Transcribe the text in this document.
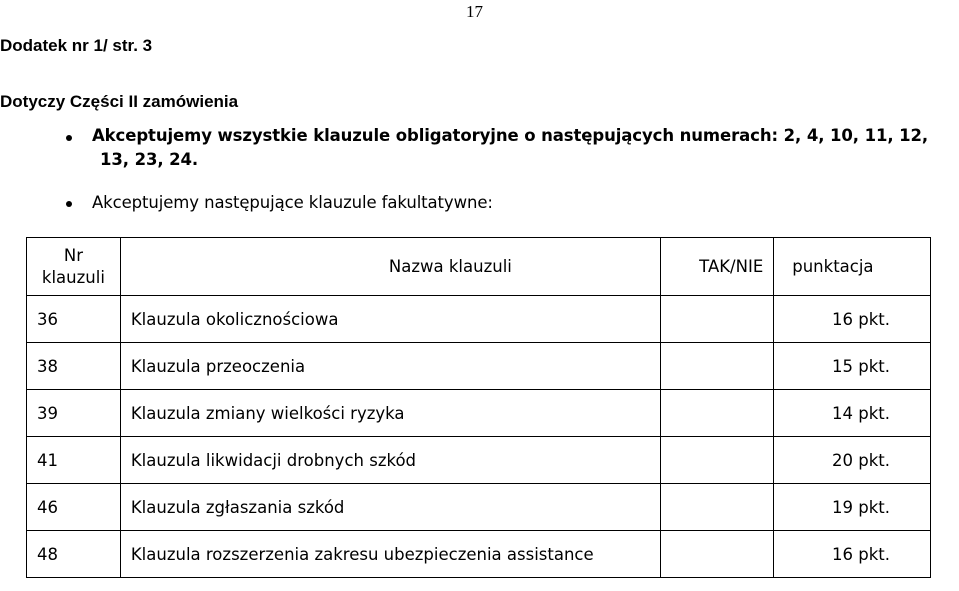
17
Dodatek nr 1/ str. 3
Dotyczy Części II zamówienia
Akceptujemy wszystkie klauzule obligatoryjne o następujących numerach: 2, 4, 10, 11, 12,
13, 23, 24.
Akceptujemy następujące klauzule fakultatywne:
Nr
klauzuli	Nazwa klauzuli	TAK/NIE	punktacja
36	Klauzula okolicznościowa		16 pkt.
38	Klauzula przeoczenia		15 pkt.
39	Klauzula zmiany wielkości ryzyka		14 pkt.
41	Klauzula likwidacji drobnych szkód		20 pkt.
46	Klauzula zgłaszania szkód		19 pkt.
48	Klauzula rozszerzenia zakresu ubezpieczenia assistance		16 pkt.
